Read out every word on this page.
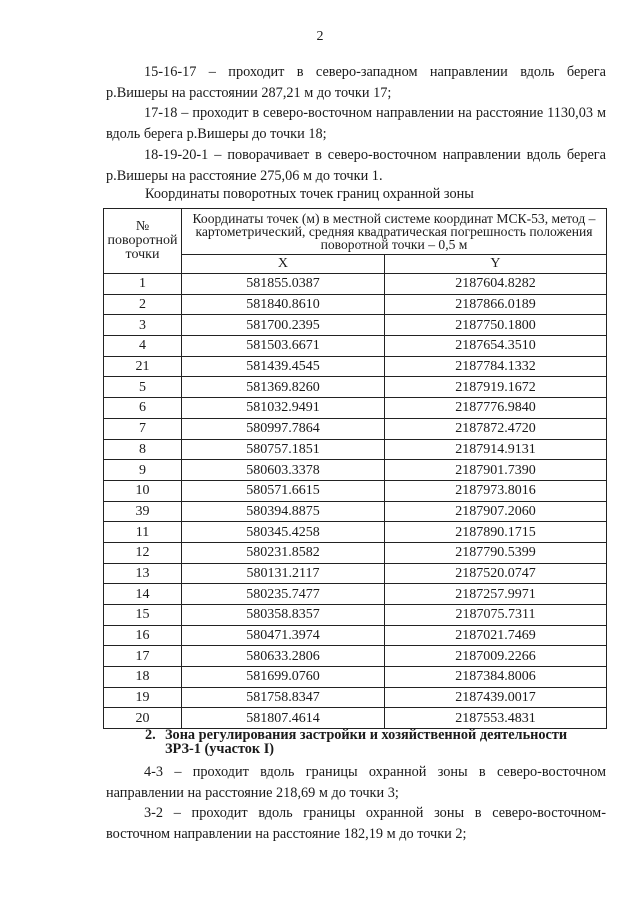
2

15-16-17 – проходит в северо-западном направлении вдоль берега р.Вишеры на расстоянии 287,21 м до точки 17;

17-18 – проходит в северо-восточном направлении на расстояние 1130,03 м вдоль берега р.Вишеры до точки 18;

18-19-20-1 – поворачивает в северо-восточном направлении вдоль берега р.Вишеры на расстояние 275,06 м до точки 1.

Координаты поворотных точек границ охранной зоны
№ поворотной точки	Координаты точек (м) в местной системе координат МСК-53, метод – картометрический, средняя квадратическая погрешность положения поворотной точки – 0,5 м	
	X	Y
1	581855.0387	2187604.8282
2	581840.8610	2187866.0189
3	581700.2395	2187750.1800
4	581503.6671	2187654.3510
21	581439.4545	2187784.1332
5	581369.8260	2187919.1672
6	581032.9491	2187776.9840
7	580997.7864	2187872.4720
8	580757.1851	2187914.9131
9	580603.3378	2187901.7390
10	580571.6615	2187973.8016
39	580394.8875	2187907.2060
11	580345.4258	2187890.1715
12	580231.8582	2187790.5399
13	580131.2117	2187520.0747
14	580235.7477	2187257.9971
15	580358.8357	2187075.7311
16	580471.3974	2187021.7469
17	580633.2806	2187009.2266
18	581699.0760	2187384.8006
19	581758.8347	2187439.0017
20	581807.4614	2187553.4831
2. Зона регулирования застройки и хозяйственной деятельности
ЗРЗ-1 (участок I)

4-3 – проходит вдоль границы охранной зоны в северо-восточном направлении на расстояние 218,69 м до точки 3;

3-2 – проходит вдоль границы охранной зоны в северо-восточном-восточном направлении на расстояние 182,19 м до точки 2;
